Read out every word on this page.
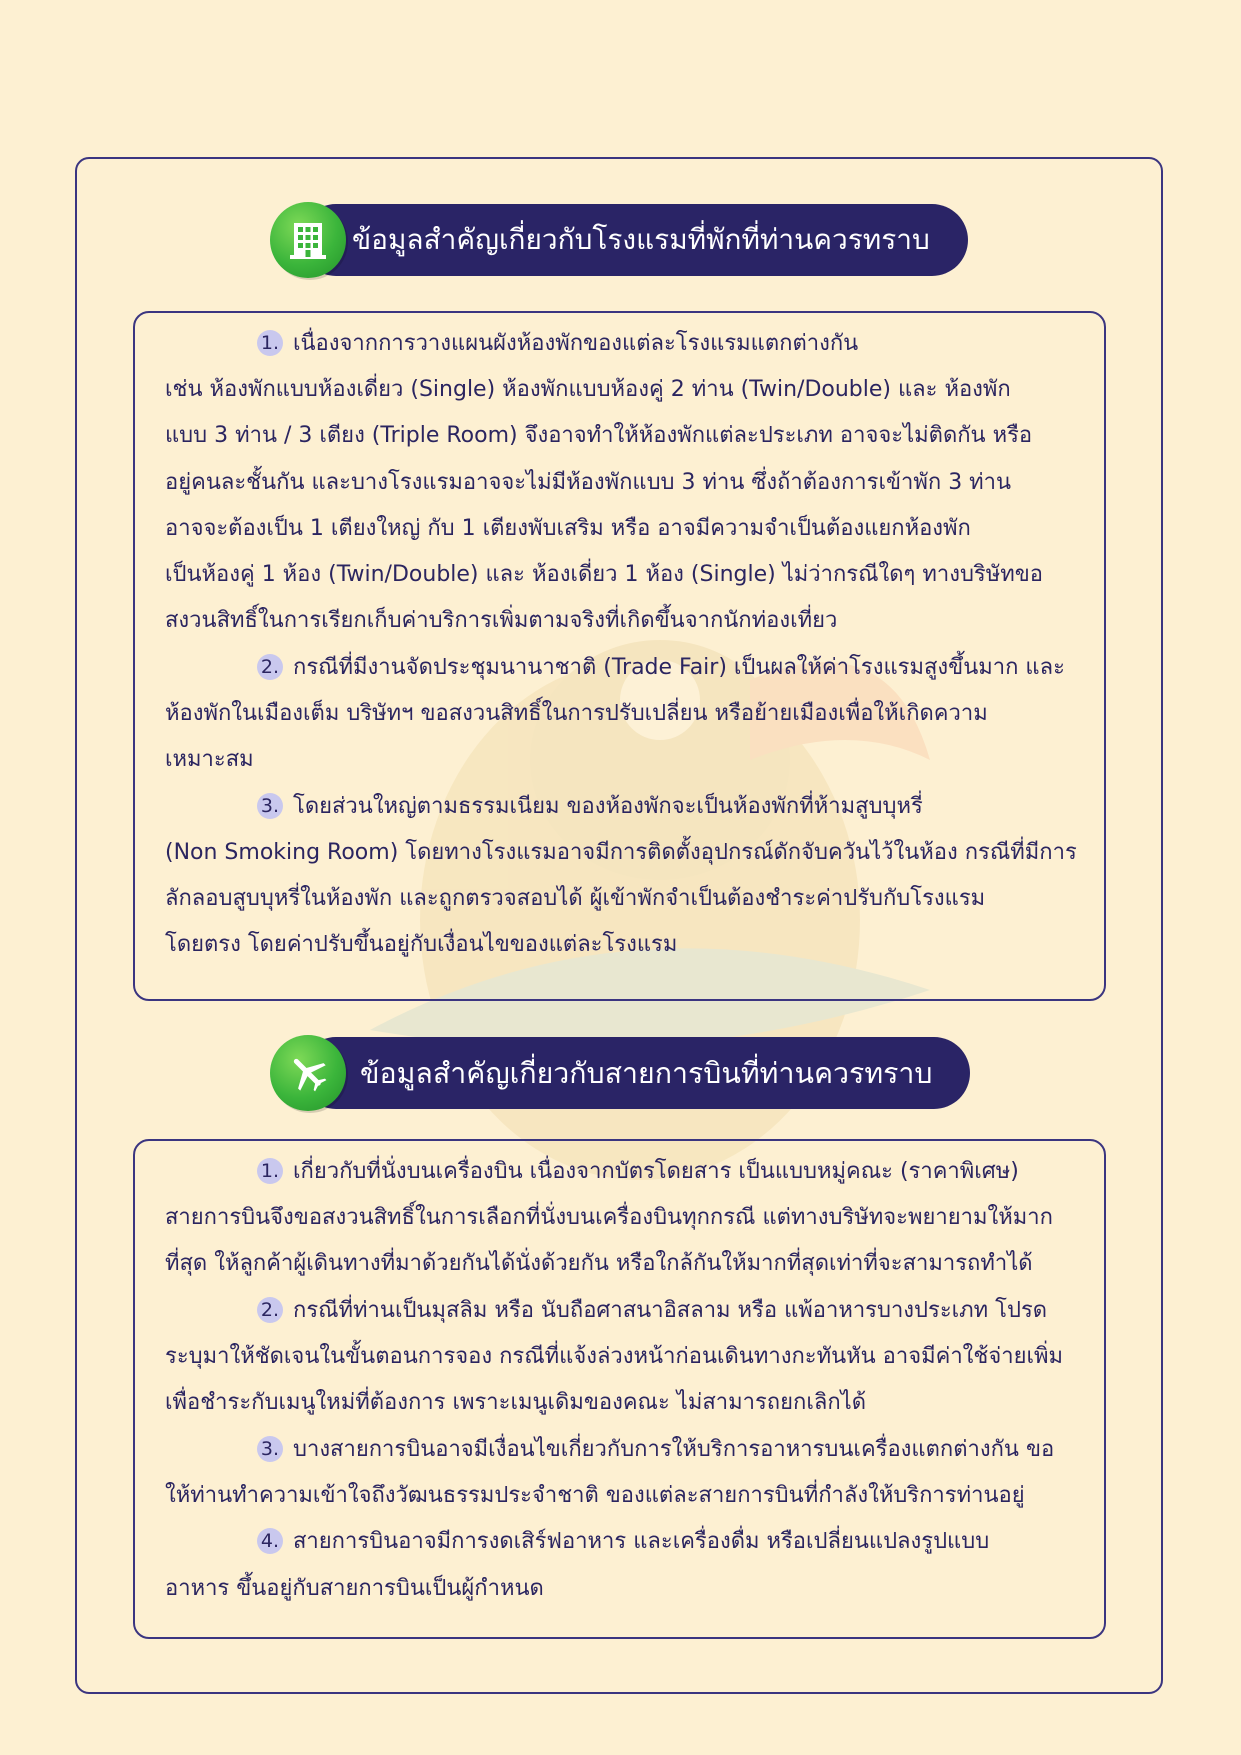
ข้อมูลสำคัญเกี่ยวกับโรงแรมที่พักที่ท่านควรทราบ
1. เนื่องจากการวางแผนผังห้องพักของแต่ละโรงแรมแตกต่างกัน
เช่น ห้องพักแบบห้องเดี่ยว (Single) ห้องพักแบบห้องคู่ 2 ท่าน (Twin/Double) และ ห้องพัก
แบบ 3 ท่าน / 3 เตียง (Triple Room) จึงอาจทำให้ห้องพักแต่ละประเภท อาจจะไม่ติดกัน หรือ
อยู่คนละชั้นกัน และบางโรงแรมอาจจะไม่มีห้องพักแบบ 3 ท่าน ซึ่งถ้าต้องการเข้าพัก 3 ท่าน
อาจจะต้องเป็น 1 เตียงใหญ่ กับ 1 เตียงพับเสริม หรือ อาจมีความจำเป็นต้องแยกห้องพัก
เป็นห้องคู่ 1 ห้อง (Twin/Double) และ ห้องเดี่ยว 1 ห้อง (Single) ไม่ว่ากรณีใดๆ ทางบริษัทขอ
สงวนสิทธิ์ในการเรียกเก็บค่าบริการเพิ่มตามจริงที่เกิดขึ้นจากนักท่องเที่ยว
2. กรณีที่มีงานจัดประชุมนานาชาติ (Trade Fair) เป็นผลให้ค่าโรงแรมสูงขึ้นมาก และ
ห้องพักในเมืองเต็ม บริษัทฯ ขอสงวนสิทธิ์ในการปรับเปลี่ยน หรือย้ายเมืองเพื่อให้เกิดความ
เหมาะสม
3. โดยส่วนใหญ่ตามธรรมเนียม ของห้องพักจะเป็นห้องพักที่ห้ามสูบบุหรี่
(Non Smoking Room) โดยทางโรงแรมอาจมีการติดตั้งอุปกรณ์ดักจับควันไว้ในห้อง กรณีที่มีการ
ลักลอบสูบบุหรี่ในห้องพัก และถูกตรวจสอบได้ ผู้เข้าพักจำเป็นต้องชำระค่าปรับกับโรงแรม
โดยตรง โดยค่าปรับขึ้นอยู่กับเงื่อนไขของแต่ละโรงแรม
ข้อมูลสำคัญเกี่ยวกับสายการบินที่ท่านควรทราบ
1. เกี่ยวกับที่นั่งบนเครื่องบิน เนื่องจากบัตรโดยสาร เป็นแบบหมู่คณะ (ราคาพิเศษ)
สายการบินจึงขอสงวนสิทธิ์ในการเลือกที่นั่งบนเครื่องบินทุกกรณี แต่ทางบริษัทจะพยายามให้มาก
ที่สุด ให้ลูกค้าผู้เดินทางที่มาด้วยกันได้นั่งด้วยกัน หรือใกล้กันให้มากที่สุดเท่าที่จะสามารถทำได้
2. กรณีที่ท่านเป็นมุสลิม หรือ นับถือศาสนาอิสลาม หรือ แพ้อาหารบางประเภท โปรด
ระบุมาให้ชัดเจนในขั้นตอนการจอง กรณีที่แจ้งล่วงหน้าก่อนเดินทางกะทันหัน อาจมีค่าใช้จ่ายเพิ่ม
เพื่อชำระกับเมนูใหม่ที่ต้องการ เพราะเมนูเดิมของคณะ ไม่สามารถยกเลิกได้
3. บางสายการบินอาจมีเงื่อนไขเกี่ยวกับการให้บริการอาหารบนเครื่องแตกต่างกัน ขอ
ให้ท่านทำความเข้าใจถึงวัฒนธรรมประจำชาติ ของแต่ละสายการบินที่กำลังให้บริการท่านอยู่
4. สายการบินอาจมีการงดเสิร์ฟอาหาร และเครื่องดื่ม หรือเปลี่ยนแปลงรูปแบบ
อาหาร ขึ้นอยู่กับสายการบินเป็นผู้กำหนด
